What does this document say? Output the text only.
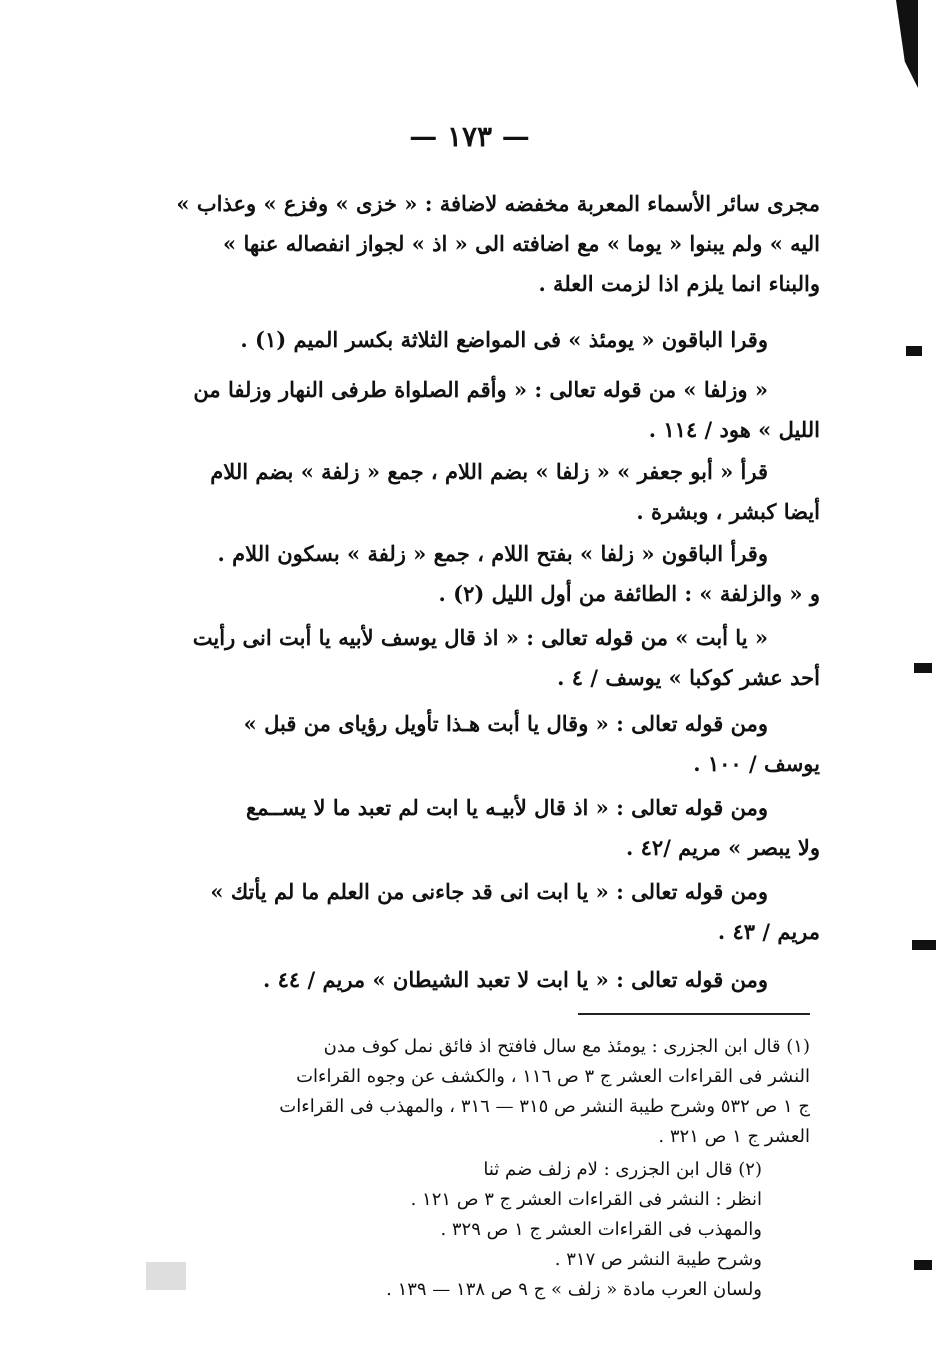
— ١٧٣ —
مجرى سائر الأسماء المعربة مخفضه لاضافة : « خزى » وفزع » وعذاب »
اليه » ولم يبنوا « يوما » مع اضافته الى « اذ » لجواز انفصاله عنها »
والبناء انما يلزم اذا لزمت العلة .
وقرا الباقون « يومئذ » فى المواضع الثلاثة بكسر الميم (١) .
« وزلفا » من قوله تعالى : « وأقم الصلواة طرفى النهار وزلفا من
الليل » هود / ١١٤ .
قرأ « أبو جعفر » « زلفا » بضم اللام ، جمع « زلفة » بضم اللام
أيضا كبشر ، وبشرة .
وقرأ الباقون « زلفا » بفتح اللام ، جمع « زلفة » بسكون اللام .
و « والزلفة » : الطائفة من أول الليل (٢) .
« يا أبت » من قوله تعالى : « اذ قال يوسف لأبيه يا أبت انى رأيت
أحد عشر كوكبا » يوسف / ٤ .
ومن قوله تعالى : « وقال يا أبت هـذا تأويل رؤياى من قبل »
يوسف / ١٠٠ .
ومن قوله تعالى : « اذ قال لأبيـه يا ابت لم تعبد ما لا يســمع
ولا يبصر » مريم /٤٢ .
ومن قوله تعالى : « يا ابت انى قد جاءنى من العلم ما لم يأتك »
مريم / ٤٣ .
ومن قوله تعالى : « يا ابت لا تعبد الشيطان » مريم / ٤٤ .
(١) قال ابن الجزرى : يومئذ مع سال فافتح اذ فائق نمل كوف مدن
النشر فى القراءات العشر ج ٣ ص ١١٦ ، والكشف عن وجوه القراءات
ج ١ ص ٥٣٢ وشرح طيبة النشر ص ٣١٥ — ٣١٦ ، والمهذب فى القراءات
العشر ج ١ ص ٣٢١ .
(٢) قال ابن الجزرى : لام زلف ضم ثنا
انظر : النشر فى القراءات العشر ج ٣ ص ١٢١ .
والمهذب فى القراءات العشر ج ١ ص ٣٢٩ .
وشرح طيبة النشر ص ٣١٧ .
ولسان العرب مادة « زلف » ج ٩ ص ١٣٨ — ١٣٩ .
